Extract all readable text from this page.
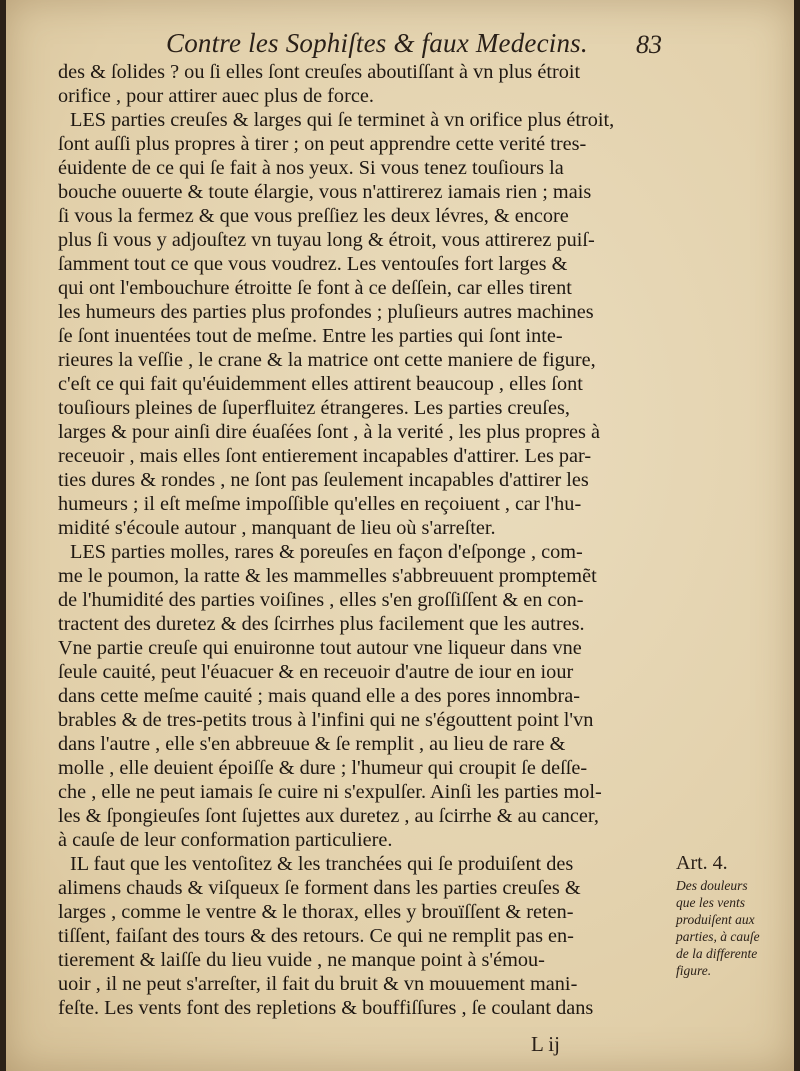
Contre les Sophiſtes & faux Medecins.	83
des & ſolides ? ou ſi elles ſont creuſes aboutiſſant à vn plus étroit
orifice , pour attirer auec plus de force.
LES parties creuſes & larges qui ſe terminet à vn orifice plus étroit,
ſont auſſi plus propres à tirer ; on peut apprendre cette verité tres-
éuidente de ce qui ſe fait à nos yeux. Si vous tenez touſiours la
bouche ouuerte & toute élargie, vous n'attirerez iamais rien ; mais
ſi vous la fermez & que vous preſſiez les deux lévres, & encore
plus ſi vous y adjouſtez vn tuyau long & étroit, vous attirerez puiſ-
ſamment tout ce que vous voudrez. Les ventouſes fort larges &
qui ont l'embouchure étroitte ſe font à ce deſſein, car elles tirent
les humeurs des parties plus profondes ; pluſieurs autres machines
ſe ſont inuentées tout de meſme. Entre les parties qui ſont inte-
rieures la veſſie , le crane & la matrice ont cette maniere de figure,
c'eſt ce qui fait qu'éuidemment elles attirent beaucoup , elles ſont
touſiours pleines de ſuperfluitez étrangeres. Les parties creuſes,
larges & pour ainſi dire éuaſées ſont , à la verité , les plus propres à
receuoir , mais elles ſont entierement incapables d'attirer. Les par-
ties dures & rondes , ne ſont pas ſeulement incapables d'attirer les
humeurs ; il eſt meſme impoſſible qu'elles en reçoiuent , car l'hu-
midité s'écoule autour , manquant de lieu où s'arreſter.
LES parties molles, rares & poreuſes en façon d'eſponge , com-
me le poumon, la ratte & les mammelles s'abbreuuent promptemẽt
de l'humidité des parties voiſines , elles s'en groſſiſſent & en con-
tractent des duretez & des ſcirrhes plus facilement que les autres.
Vne partie creuſe qui enuironne tout autour vne liqueur dans vne
ſeule cauité, peut l'éuacuer & en receuoir d'autre de iour en iour
dans cette meſme cauité ; mais quand elle a des pores innombra-
brables & de tres-petits trous à l'infini qui ne s'égouttent point l'vn
dans l'autre , elle s'en abbreuue & ſe remplit , au lieu de rare &
molle , elle deuient époiſſe & dure ; l'humeur qui croupit ſe deſſe-
che , elle ne peut iamais ſe cuire ni s'expulſer. Ainſi les parties mol-
les & ſpongieuſes ſont ſujettes aux duretez , au ſcirrhe & au cancer,
à cauſe de leur conformation particuliere.
IL faut que les ventoſitez & les tranchées qui ſe produiſent des
alimens chauds & viſqueux ſe forment dans les parties creuſes &
larges , comme le ventre & le thorax, elles y brouïſſent & reten-
tiſſent, faiſant des tours & des retours. Ce qui ne remplit pas en-
tierement & laiſſe du lieu vuide , ne manque point à s'émou-
uoir , il ne peut s'arreſter, il fait du bruit & vn mouuement mani-
feſte. Les vents font des repletions & bouffiſſures , ſe coulant dans
Art. 4.
Des douleurs
que les vents
produiſent aux
parties, à cauſe
de la differente
figure.
L ij
